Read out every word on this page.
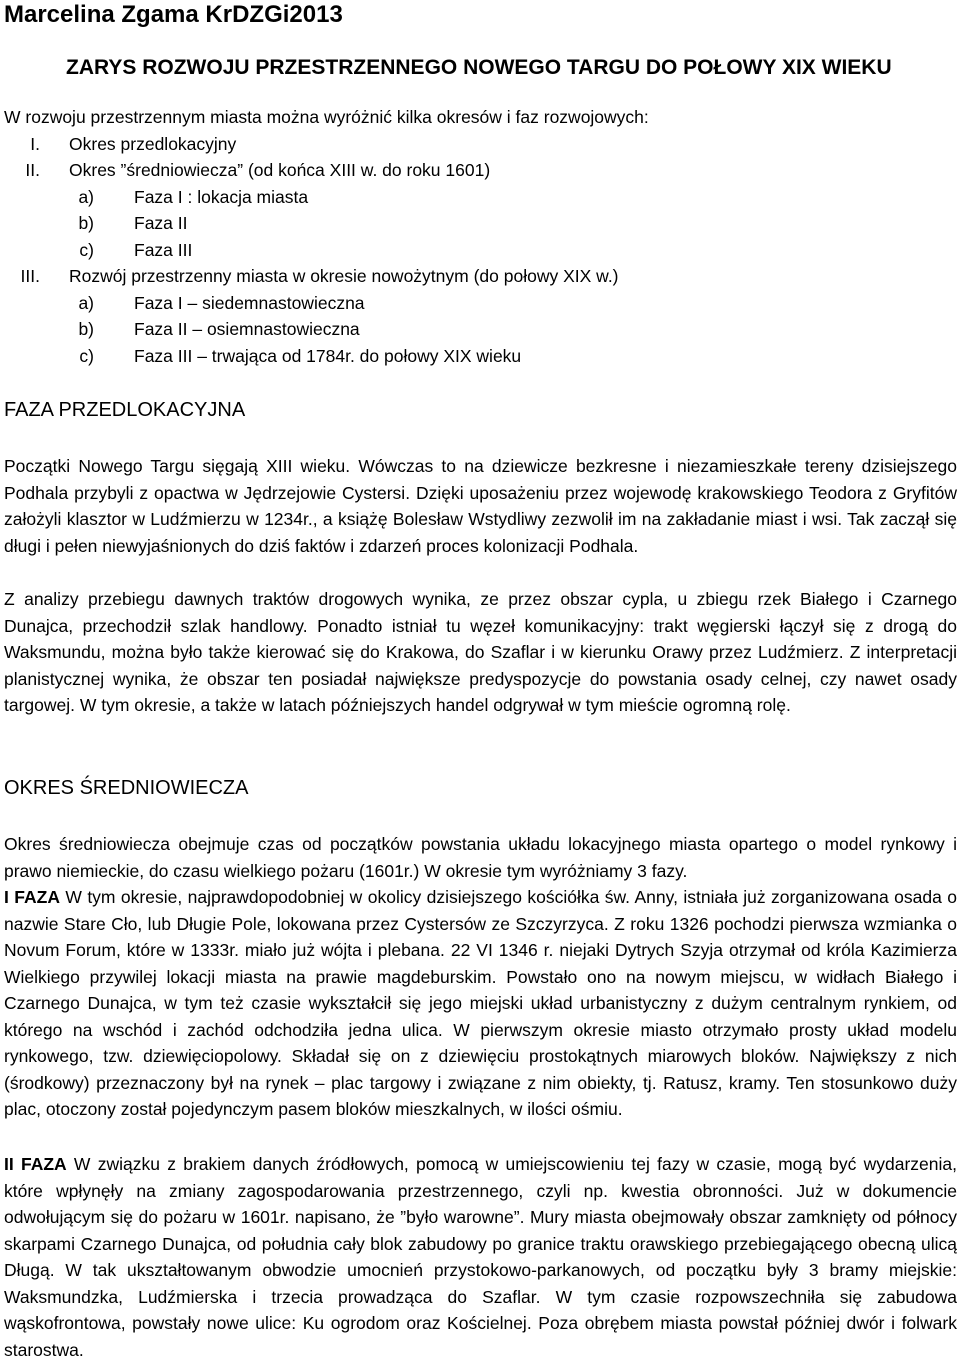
Marcelina Zgama KrDZGi2013
ZARYS ROZWOJU PRZESTRZENNEGO NOWEGO TARGU DO POŁOWY XIX WIEKU
W rozwoju przestrzennym miasta można wyróżnić kilka okresów i faz rozwojowych:
I. Okres przedlokacyjny
II. Okres ”średniowiecza” (od końca XIII w. do roku 1601)
a) Faza I : lokacja miasta
b) Faza II
c) Faza III
III. Rozwój przestrzenny miasta w okresie nowożytnym (do połowy XIX w.)
a) Faza I – siedemnastowieczna
b) Faza II – osiemnastowieczna
c) Faza III – trwająca od 1784r. do połowy XIX wieku
FAZA PRZEDLOKACYJNA

Początki Nowego Targu sięgają XIII wieku. Wówczas to na dziewicze bezkresne i niezamieszkałe tereny dzisiejszego Podhala przybyli z opactwa w Jędrzejowie Cystersi. Dzięki uposażeniu przez wojewodę krakowskiego Teodora z Gryfitów założyli klasztor w Ludźmierzu w 1234r., a książę Bolesław Wstydliwy zezwolił im na zakładanie miast i wsi. Tak zaczął się długi i pełen niewyjaśnionych do dziś faktów i zdarzeń proces kolonizacji Podhala.

Z analizy przebiegu dawnych traktów drogowych wynika, ze przez obszar cypla, u zbiegu rzek Białego i Czarnego Dunajca, przechodził szlak handlowy. Ponadto istniał tu węzeł komunikacyjny: trakt węgierski łączył się z drogą do Waksmundu, można było także kierować się do Krakowa, do Szaflar i w kierunku Orawy przez Ludźmierz. Z interpretacji planistycznej wynika, że obszar ten posiadał największe predyspozycje do powstania osady celnej, czy nawet osady targowej. W tym okresie, a także w latach późniejszych handel odgrywał w tym mieście ogromną rolę.

OKRES ŚREDNIOWIECZA

Okres średniowiecza obejmuje czas od początków powstania układu lokacyjnego miasta opartego o model rynkowy i prawo niemieckie, do czasu wielkiego pożaru (1601r.) W okresie tym wyróżniamy 3 fazy.

I FAZA W tym okresie, najprawdopodobniej w okolicy dzisiejszego kościółka św. Anny, istniała już zorganizowana osada o nazwie Stare Cło, lub Długie Pole, lokowana przez Cystersów ze Szczyrzyca. Z roku 1326 pochodzi pierwsza wzmianka o Novum Forum, które w 1333r. miało już wójta i plebana. 22 VI 1346 r. niejaki Dytrych Szyja otrzymał od króla Kazimierza Wielkiego przywilej lokacji miasta na prawie magdeburskim. Powstało ono na nowym miejscu, w widłach Białego i Czarnego Dunajca, w tym też czasie wykształcił się jego miejski układ urbanistyczny z dużym centralnym rynkiem, od którego na wschód i zachód odchodziła jedna ulica. W pierwszym okresie miasto otrzymało prosty układ modelu rynkowego, tzw. dziewięciopolowy. Składał się on z dziewięciu prostokątnych miarowych bloków. Największy z nich (środkowy) przeznaczony był na rynek – plac targowy i związane z nim obiekty, tj. Ratusz, kramy. Ten stosunkowo duży plac, otoczony został pojedynczym pasem bloków mieszkalnych, w ilości ośmiu.

II FAZA W związku z brakiem danych źródłowych, pomocą w umiejscowieniu tej fazy w czasie, mogą być wydarzenia, które wpłynęły na zmiany zagospodarowania przestrzennego, czyli np. kwestia obronności. Już w dokumencie odwołującym się do pożaru w 1601r. napisano, że ”było warowne”. Mury miasta obejmowały obszar zamknięty od północy skarpami Czarnego Dunajca, od południa cały blok zabudowy po granice traktu orawskiego przebiegającego obecną ulicą Długą. W tak ukształtowanym obwodzie umocnień przystokowo-parkanowych, od początku były 3 bramy miejskie: Waksmundzka, Ludźmierska i trzecia prowadząca do Szaflar. W tym czasie rozpowszechniła się zabudowa wąskofrontowa, powstały nowe ulice: Ku ogrodom oraz Kościelnej. Poza obrębem miasta powstał później dwór i folwark starostwa.
